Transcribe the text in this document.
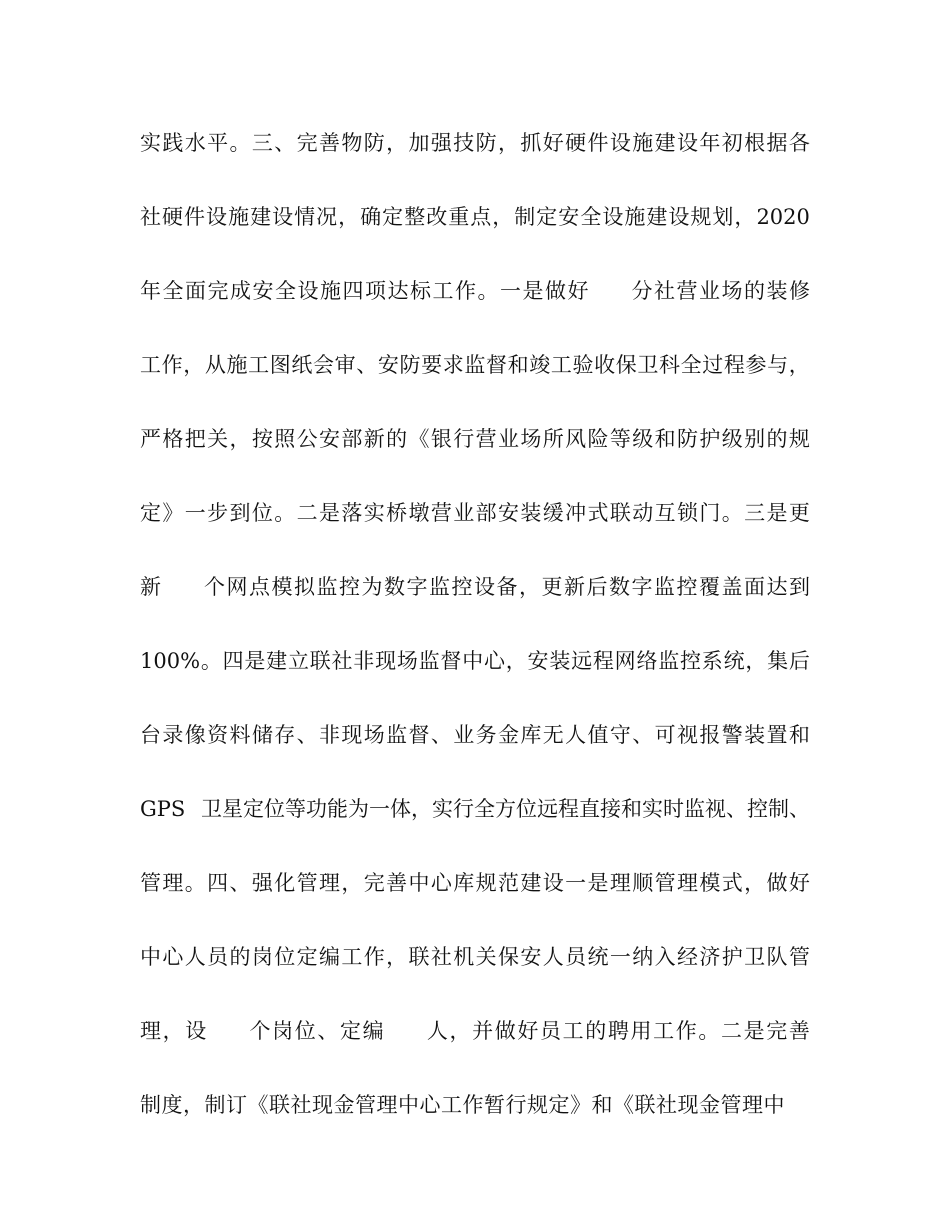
实 践 水 平 。 三 、 完 善 物 防 ， 加 强 技 防 ， 抓 好 硬 件 设 施 建 设 年 初 根 据 各
社 硬 件 设 施 建 设 情 况 ， 确 定 整 改 重 点 ， 制 定 安 全 设 施 建 设 规 划 ， 2020
年 全 面 完 成 安 全 设 施 四 项 达 标 工 作 。 一 是 做 好
分 社 营 业 场 的 装 修
工 作 ， 从 施 工 图 纸 会 审 、 安 防 要 求 监 督 和 竣 工 验 收 保 卫 科 全 过 程 参 与 ，
严 格 把 关 ， 按 照 公 安 部 新 的 《 银 行 营 业 场 所 风 险 等 级 和 防 护 级 别 的 规
定 》 一 步 到 位 。 二 是 落 实 桥 墩 营 业 部 安 装 缓 冲 式 联 动 互 锁 门 。 三 是 更
新
个 网 点 模 拟 监 控 为 数 字 监 控 设 备 ， 更 新 后 数 字 监 控 覆 盖 面 达 到
100% 。 四 是 建 立 联 社 非 现 场 监 督 中 心 ， 安 装 远 程 网 络 监 控 系 统 ， 集 后
台 录 像 资 料 储 存 、 非 现 场 监 督 、 业 务 金 库 无 人 值 守 、 可 视 报 警 装 置 和
GPS
卫 星 定 位 等 功 能 为 一 体 ， 实 行 全 方 位 远 程 直 接 和 实 时 监 视 、 控 制 、
管 理 。 四 、 强 化 管 理 ， 完 善 中 心 库 规 范 建 设 一 是 理 顺 管 理 模 式 ， 做 好
中 心 人 员 的 岗 位 定 编 工 作 ， 联 社 机 关 保 安 人 员 统 一 纳 入 经 济 护 卫 队 管
理 ， 设
个 岗 位 、 定 编
人 ， 并 做 好 员 工 的 聘 用 工 作 。 二 是 完 善
制度，制订《联社现金管理中心工作暂行规定》和《联社现金管理中
